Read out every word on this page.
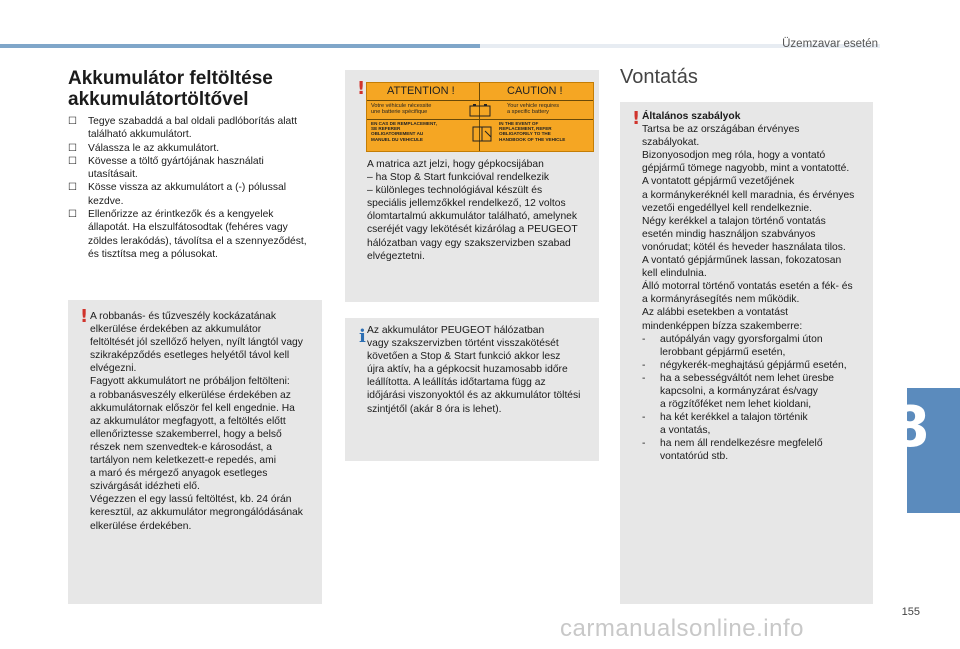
Üzemzavar esetén
8
155
carmanualsonline.info
Akkumulátor feltöltése
akkumulátortöltővel
☐ Tegye szabaddá a bal oldali padlóborítás alatt
található akkumulátort.
☐ Válassza le az akkumulátort.
☐ Kövesse a töltő gyártójának használati
utasításait.
☐ Kösse vissza az akkumulátort a (-) pólussal
kezdve.
☐ Ellenőrizze az érintkezők és a kengyelek
állapotát. Ha elszulfátosodtak (fehéres vagy
zöldes lerakódás), távolítsa el a szennyeződést,
és tisztítsa meg a pólusokat.
! A robbanás- és tűzveszély kockázatának
elkerülése érdekében az akkumulátor
feltöltését jól szellőző helyen, nyílt lángtól vagy
szikraképződés esetleges helyétől távol kell
elvégezni.
Fagyott akkumulátort ne próbáljon feltölteni:
a robbanásveszély elkerülése érdekében az
akkumulátornak először fel kell engednie. Ha
az akkumulátor megfagyott, a feltöltés előtt
ellenőriztesse szakemberrel, hogy a belső
részek nem szenvedtek-e károsodást, a
tartályon nem keletkezett-e repedés, ami
a maró és mérgező anyagok esetleges
szivárgását idézheti elő.
Végezzen el egy lassú feltöltést, kb. 24 órán
keresztül, az akkumulátor megrongálódásának
elkerülése érdekében.
!
A matrica azt jelzi, hogy gépkocsijában
– ha Stop & Start funkcióval rendelkezik
– különleges technológiával készült és
speciális jellemzőkkel rendelkező, 12 voltos
ólomtartalmú akkumulátor található, amelynek
cseréjét vagy lekötését kizárólag a PEUGEOT
hálózatban vagy egy szakszervizben szabad
elvégeztetni.
ATTENTION !	CAUTION !
Votre véhicule nécessite
une batterie spécifique
Your vehicle requires
a specific battery
EN CAS DE REMPLACEMENT,
SE REFERER
OBLIGATOIREMENT AU
MANUEL DU VEHICULE
IN THE EVENT OF
REPLACEMENT, REFER
OBLIGATORILY TO THE
HANDBOOK OF THE VEHICLE
i Az akkumulátor PEUGEOT hálózatban
vagy szakszervizben történt visszakötését
követően a Stop & Start funkció akkor lesz
újra aktív, ha a gépkocsit huzamosabb időre
leállította. A leállítás időtartama függ az
időjárási viszonyoktól és az akkumulátor töltési
szintjétől (akár 8 óra is lehet).
Vontatás
! Általános szabályok
Tartsa be az országában érvényes
szabályokat.
Bizonyosodjon meg róla, hogy a vontató
gépjármű tömege nagyobb, mint a vontatotté.
A vontatott gépjármű vezetőjének
a kormánykeréknél kell maradnia, és érvényes
vezetői engedéllyel kell rendelkeznie.
Négy kerékkel a talajon történő vontatás
esetén mindig használjon szabványos
vonórudat; kötél és heveder használata tilos.
A vontató gépjárműnek lassan, fokozatosan
kell elindulnia.
Álló motorral történő vontatás esetén a fék- és
a kormányrásegítés nem működik.
Az alábbi esetekben a vontatást
mindenképpen bízza szakemberre:
- autópályán vagy gyorsforgalmi úton
lerobbant gépjármű esetén,
- négykerék-meghajtású gépjármű esetén,
- ha a sebességváltót nem lehet üresbe
kapcsolni, a kormányzárat és/vagy
a rögzítőféket nem lehet kioldani,
- ha két kerékkel a talajon történik
a vontatás,
- ha nem áll rendelkezésre megfelelő
vontatórúd stb.
